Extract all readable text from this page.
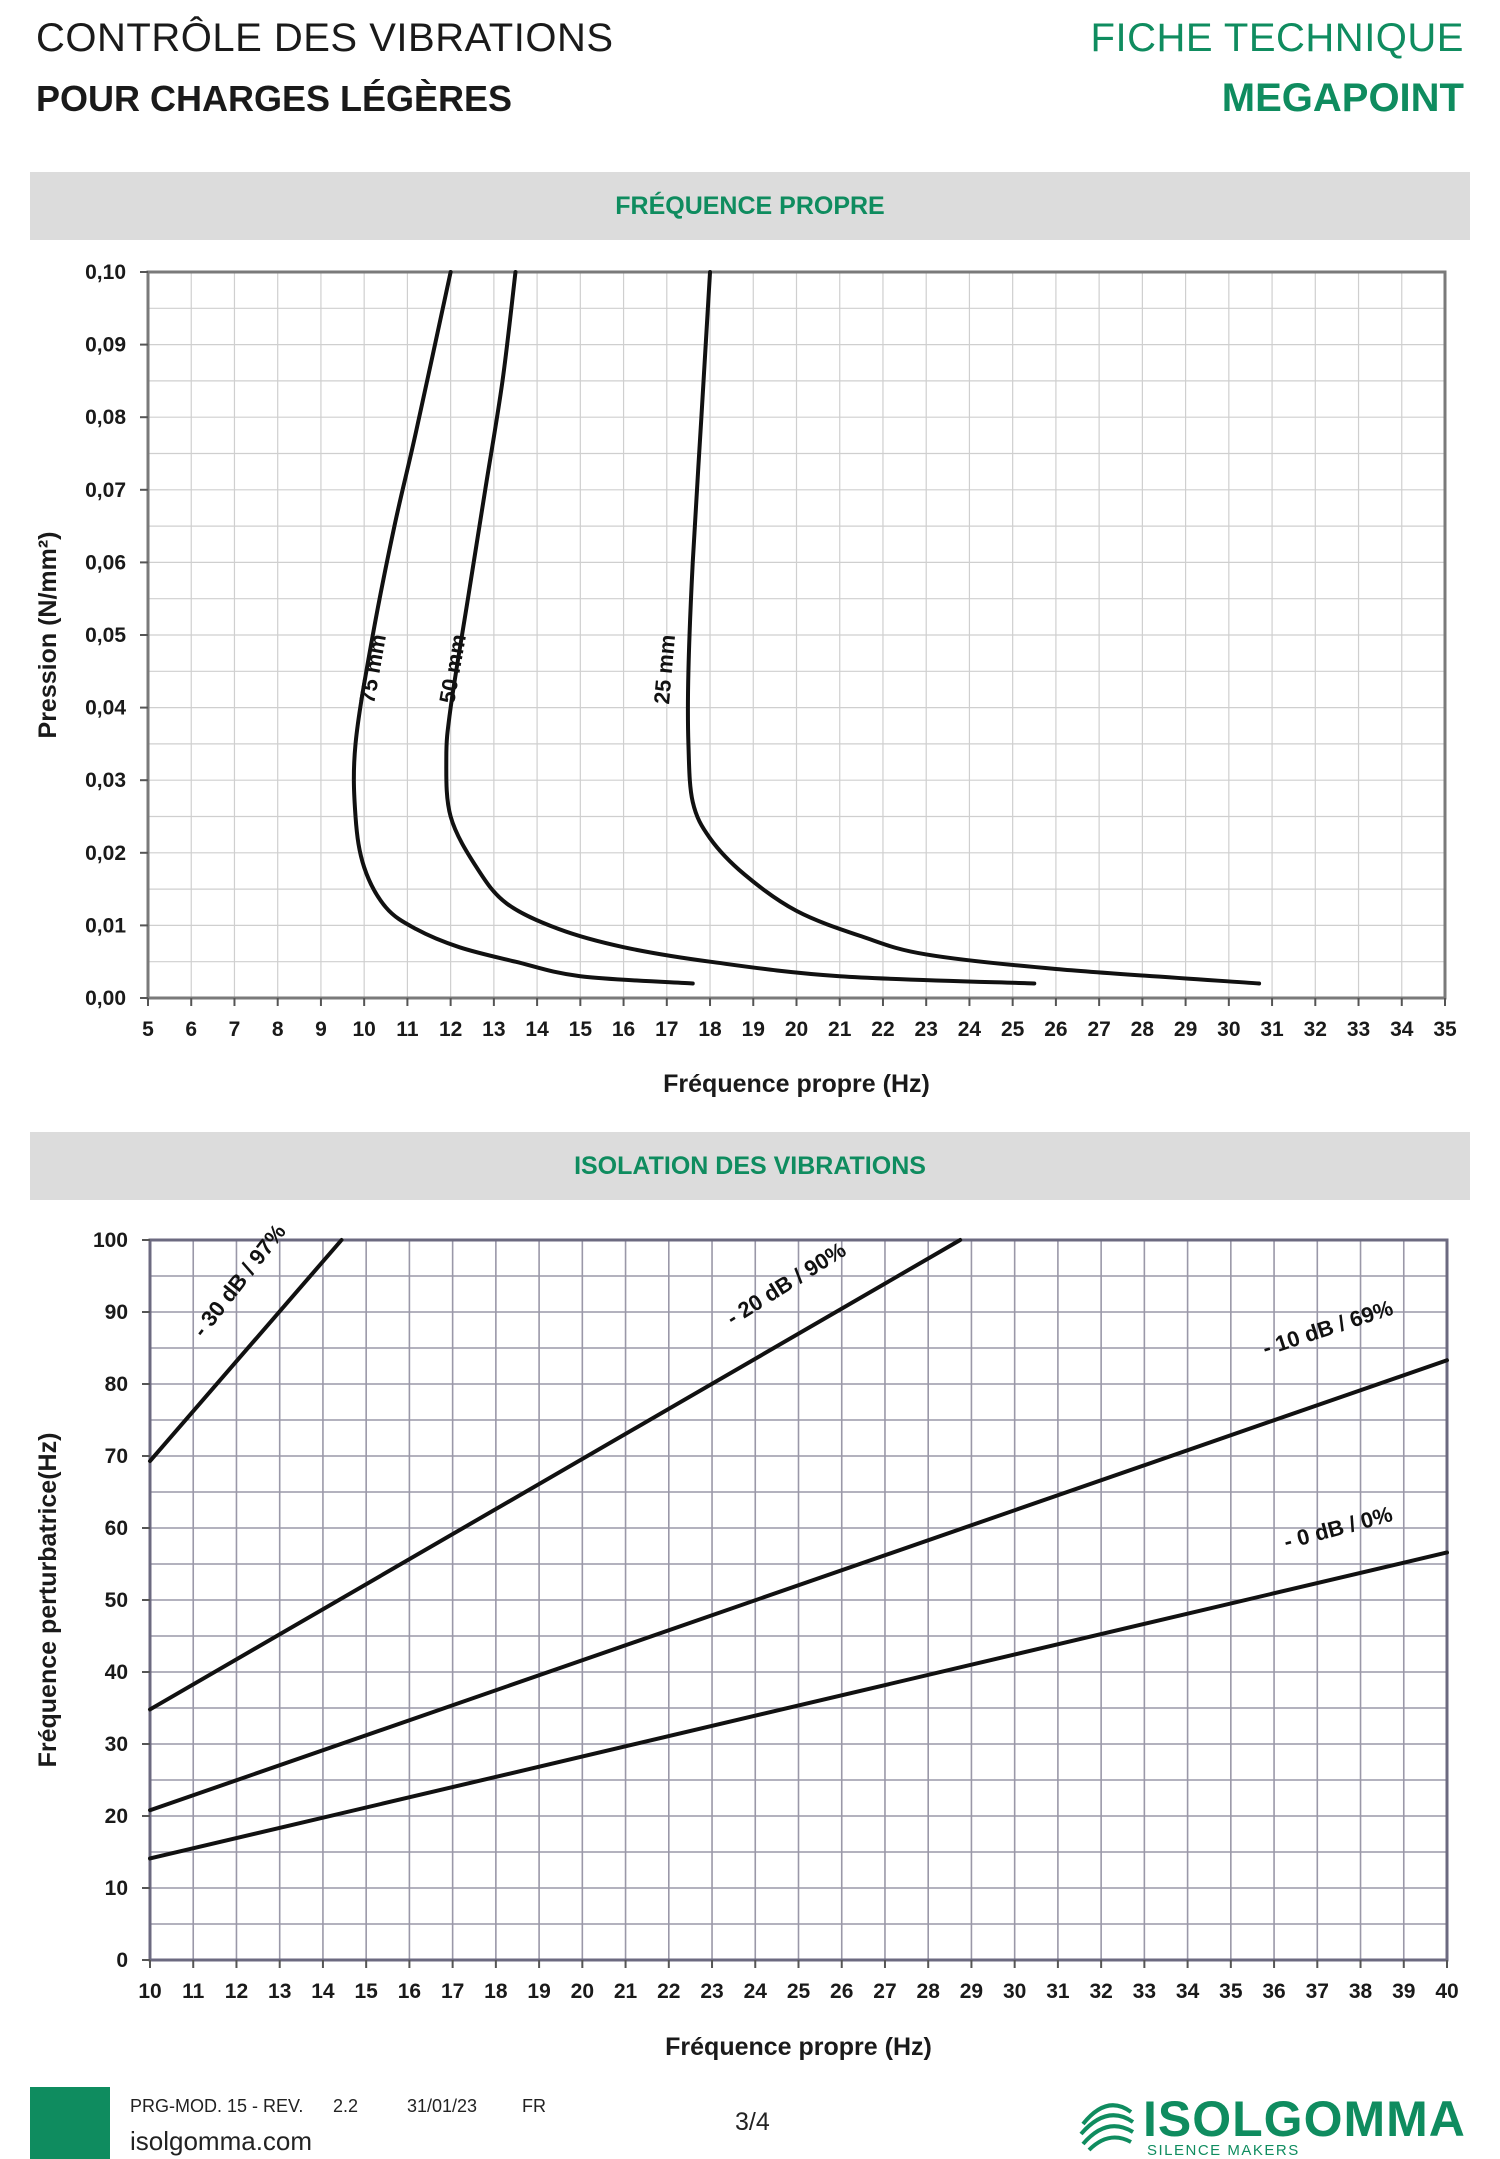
CONTRÔLE DES VIBRATIONS
POUR CHARGES LÉGÈRES
FICHE TECHNIQUE
MEGAPOINT
FRÉQUENCE PROPRE
ISOLATION DES VIBRATIONS
5 6 7 8 9 10 11 12 13 14 15 16 17 18 19 20 21 22 23 24 25 26 27 28 29 30 31 32 33 34 35
0,00
0,01
0,02
0,03
0,04
0,05
0,06
0,07
0,08
0,09
0,10
Fréquence propre (Hz)
Pression (N/mm²)	75 mm 50 mm	25 mm
10 11 12 13 14 15 16 17 18 19 20 21 22 23 24 25 26 27 28 29 30 31 32 33 34 35 36 37 38 39 40
0
10
20
30
40
50
60
70
80
90
100
Fréquence propre (Hz)
Fréquence perturbatrice(Hz)
- 30 dB / 97%	- 20 dB / 90%	- 10 dB / 69%
- 0 dB / 0%
PRG-MOD. 15 - REV. 2.2	31/01/23 FR
isolgomma.com
3/4	ISOLGOMMA
SILENCE MAKERS
